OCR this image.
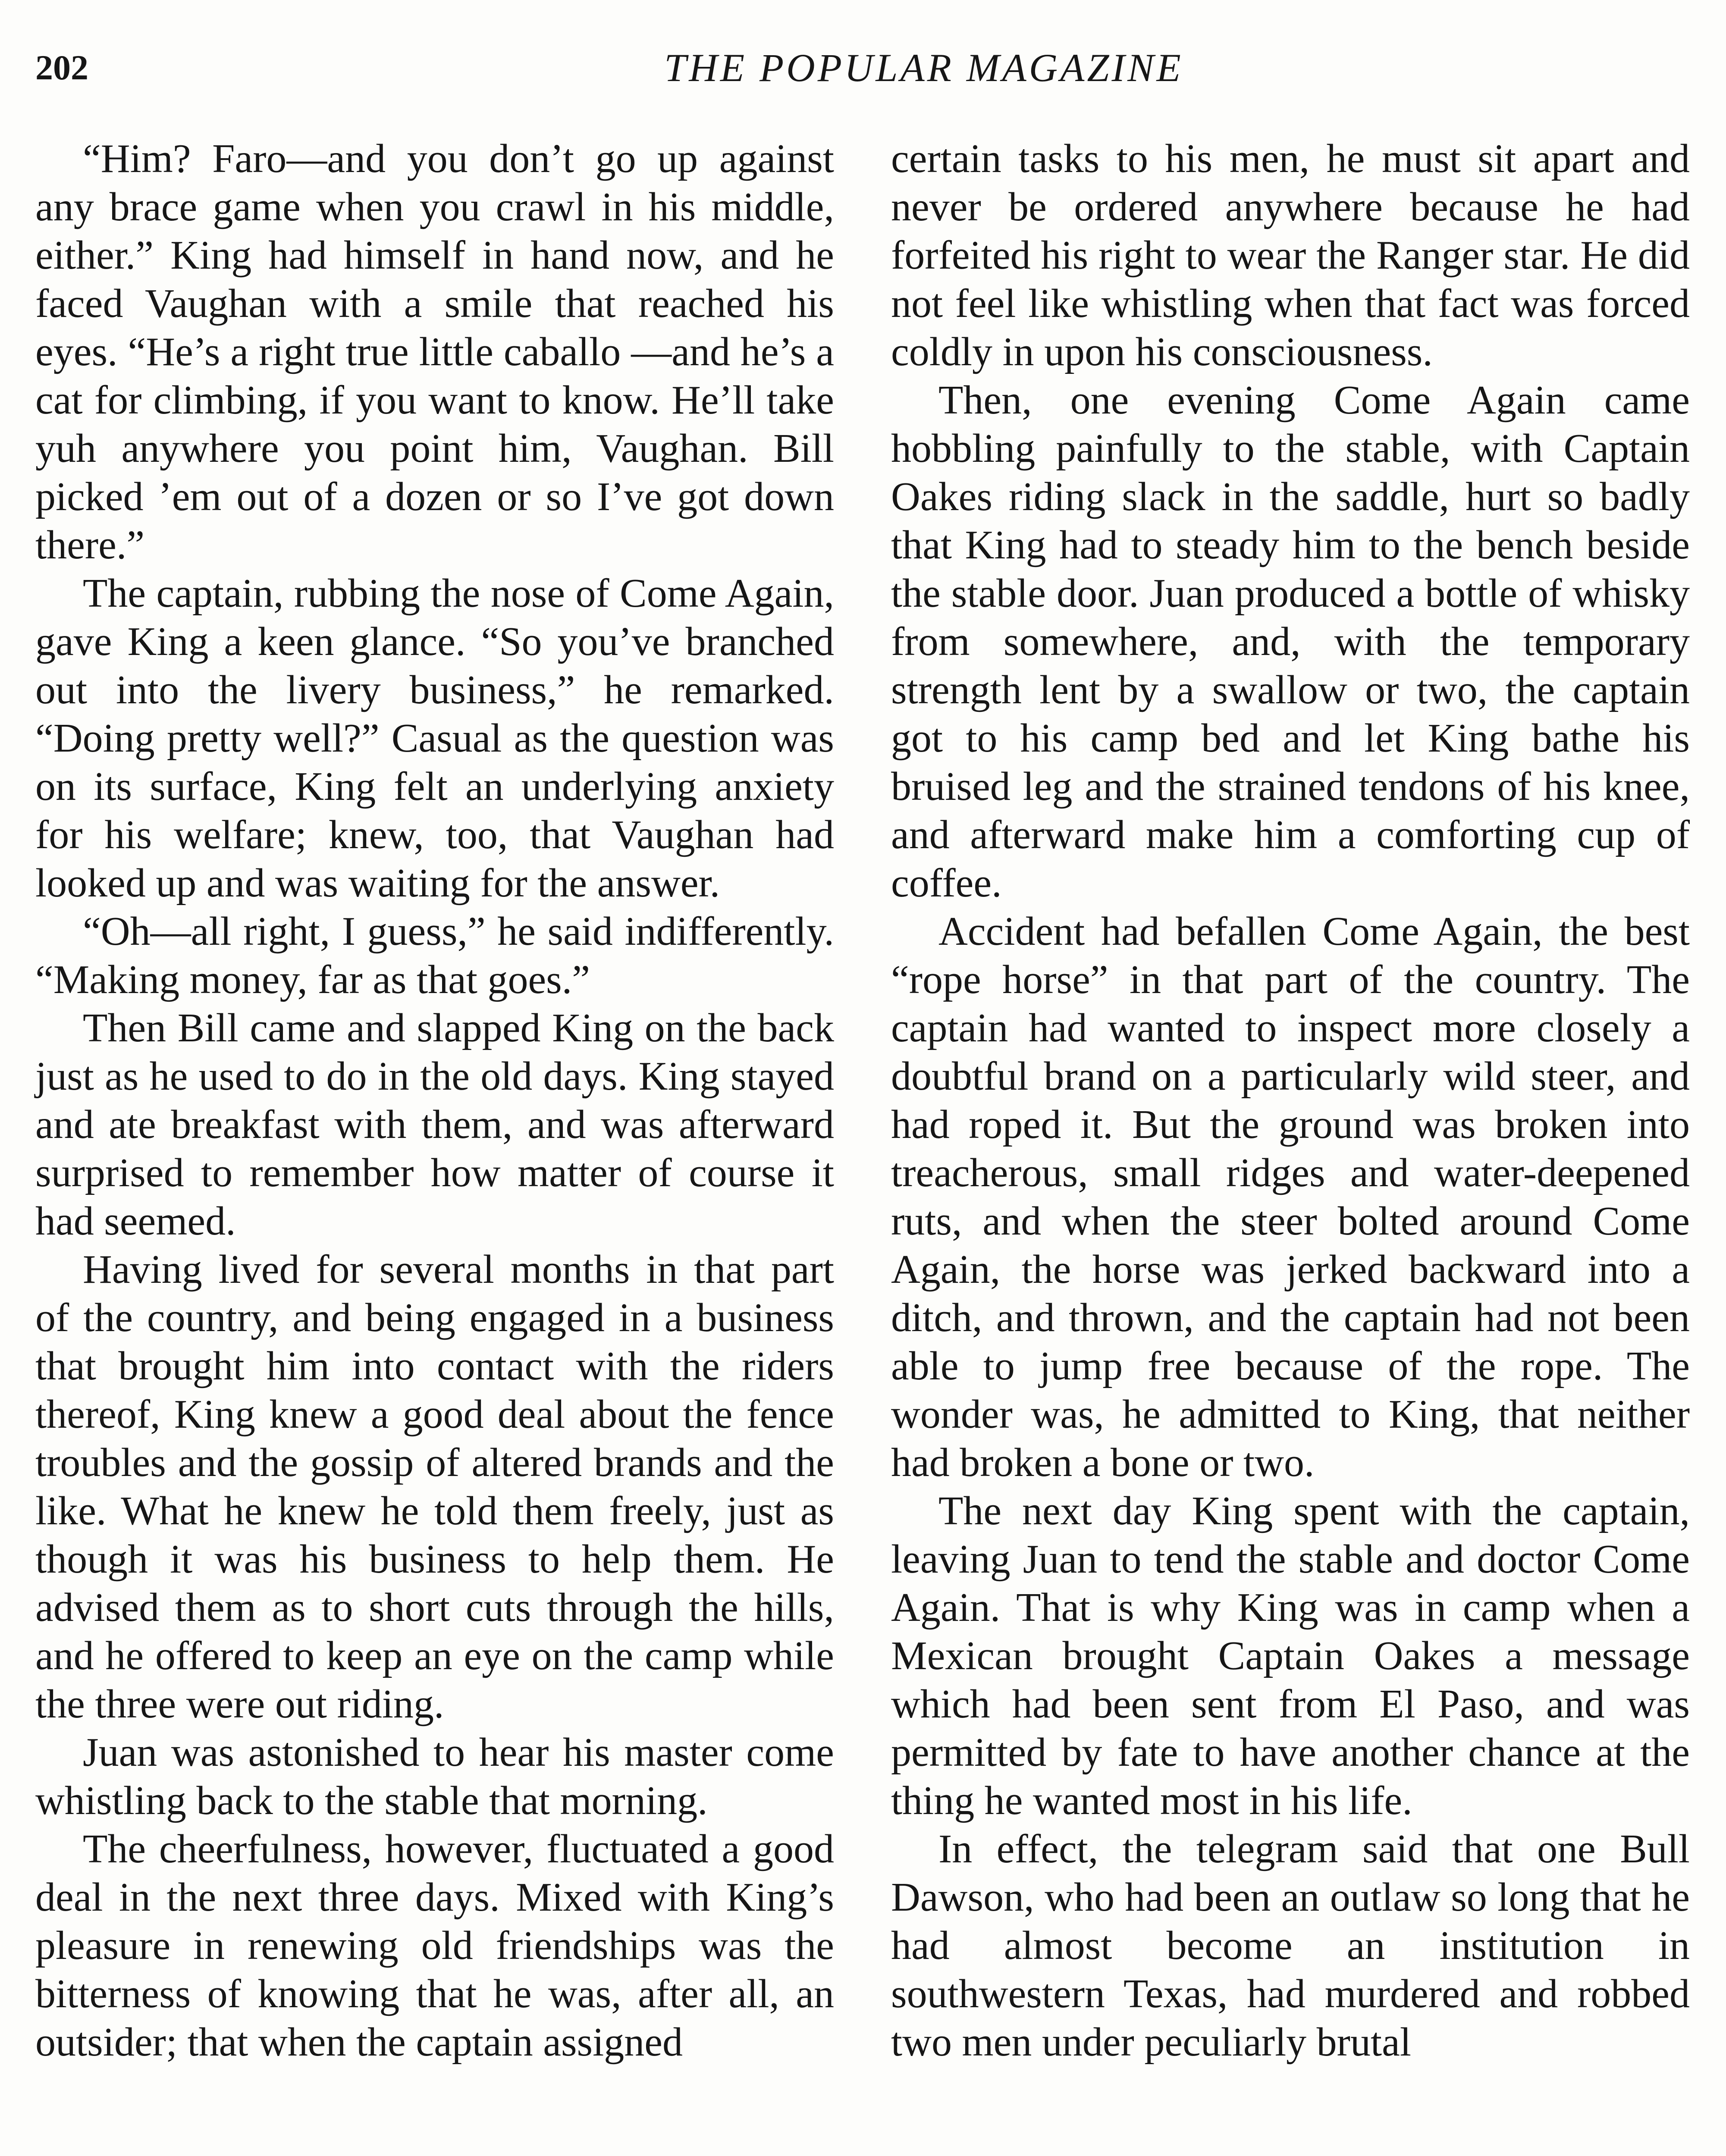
202	THE POPULAR MAGAZINE

“Him? Faro—and you don’t go up against any brace game when you crawl in his middle, either.” King had himself in hand now, and he faced Vaughan with a smile that reached his eyes. “He’s a right true little caballo —and he’s a cat for climbing, if you want to know. He’ll take yuh anywhere you point him, Vaughan. Bill picked ’em out of a dozen or so I’ve got down there.”

The captain, rubbing the nose of Come Again, gave King a keen glance. “So you’ve branched out into the livery business,” he remarked. “Doing pretty well?” Casual as the question was on its surface, King felt an underlying anxiety for his welfare; knew, too, that Vaughan had looked up and was waiting for the answer.

“Oh—all right, I guess,” he said indifferently. “Making money, far as that goes.”

Then Bill came and slapped King on the back just as he used to do in the old days. King stayed and ate breakfast with them, and was afterward surprised to remember how matter of course it had seemed.

Having lived for several months in that part of the country, and being engaged in a business that brought him into contact with the riders thereof, King knew a good deal about the fence troubles and the gossip of altered brands and the like. What he knew he told them freely, just as though it was his business to help them. He advised them as to short cuts through the hills, and he offered to keep an eye on the camp while the three were out riding.

Juan was astonished to hear his master come whistling back to the stable that morning.

The cheerfulness, however, fluctuated a good deal in the next three days. Mixed with King’s pleasure in renewing old friendships was the bitterness of knowing that he was, after all, an outsider; that when the captain assigned

certain tasks to his men, he must sit apart and never be ordered anywhere because he had forfeited his right to wear the Ranger star. He did not feel like whistling when that fact was forced coldly in upon his consciousness.

Then, one evening Come Again came hobbling painfully to the stable, with Captain Oakes riding slack in the saddle, hurt so badly that King had to steady him to the bench beside the stable door. Juan produced a bottle of whisky from somewhere, and, with the temporary strength lent by a swallow or two, the captain got to his camp bed and let King bathe his bruised leg and the strained tendons of his knee, and afterward make him a comforting cup of coffee.

Accident had befallen Come Again, the best “rope horse” in that part of the country. The captain had wanted to inspect more closely a doubtful brand on a particularly wild steer, and had roped it. But the ground was broken into treacherous, small ridges and water-deepened ruts, and when the steer bolted around Come Again, the horse was jerked backward into a ditch, and thrown, and the captain had not been able to jump free because of the rope. The wonder was, he admitted to King, that neither had broken a bone or two.

The next day King spent with the captain, leaving Juan to tend the stable and doctor Come Again. That is why King was in camp when a Mexican brought Captain Oakes a message which had been sent from El Paso, and was permitted by fate to have another chance at the thing he wanted most in his life.

In effect, the telegram said that one Bull Dawson, who had been an outlaw so long that he had almost become an institution in southwestern Texas, had murdered and robbed two men under peculiarly brutal
